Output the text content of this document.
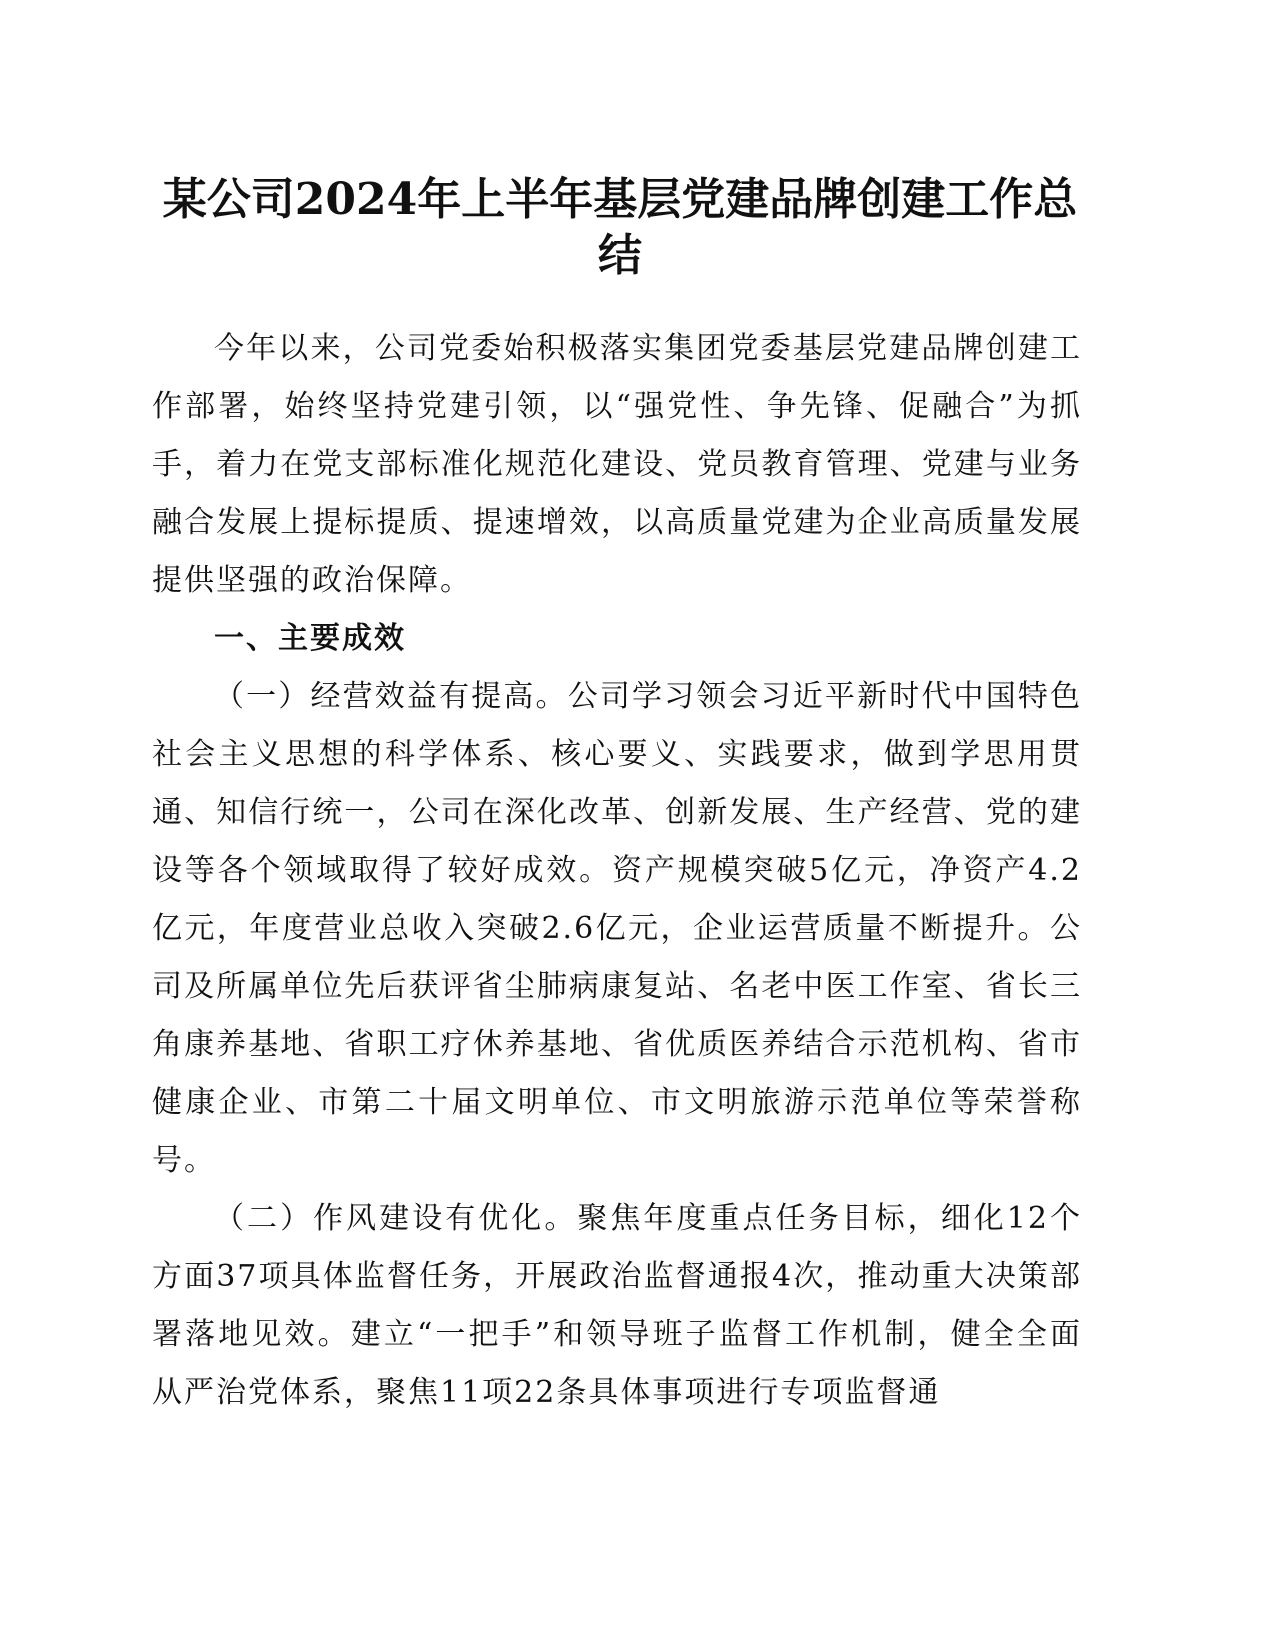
某公司2024年上半年基层党建品牌创建工作总
结

今年以来，公司党委始积极落实集团党委基层党建品牌创建工作部署，始终坚持党建引领，以“强党性、争先锋、促融合”为抓手，着力在党支部标准化规范化建设、党员教育管理、党建与业务融合发展上提标提质、提速增效，以高质量党建为企业高质量发展提供坚强的政治保障。

一、主要成效

（一）经营效益有提高。公司学习领会习近平新时代中国特色社会主义思想的科学体系、核心要义、实践要求，做到学思用贯通、知信行统一，公司在深化改革、创新发展、生产经营、党的建设等各个领域取得了较好成效。资产规模突破5亿元，净资产4.2亿元，年度营业总收入突破2.6亿元，企业运营质量不断提升。公司及所属单位先后获评省尘肺病康复站、名老中医工作室、省长三角康养基地、省职工疗休养基地、省优质医养结合示范机构、省市健康企业、市第二十届文明单位、市文明旅游示范单位等荣誉称号。

（二）作风建设有优化。聚焦年度重点任务目标，细化12个方面37项具体监督任务，开展政治监督通报4次，推动重大决策部署落地见效。建立“一把手”和领导班子监督工作机制，健全全面从严治党体系，聚焦11项22条具体事项进行专项监督通
